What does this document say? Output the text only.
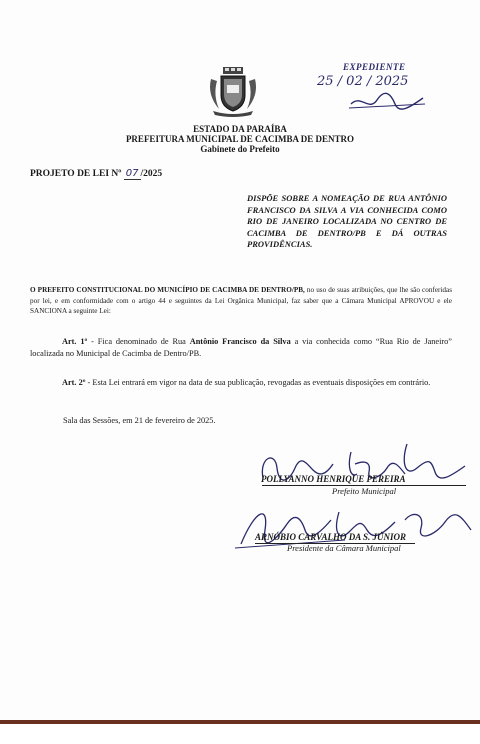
EXPEDIENTE
25 / 02 / 2025
ESTADO DA PARAÍBA
PREFEITURA MUNICIPAL DE CACIMBA DE DENTRO
Gabinete do Prefeito
PROJETO DE LEI Nº 07 /2025
DISPÕE SOBRE A NOMEAÇÃO DE RUA ANTÔNIO FRANCISCO DA SILVA A VIA CONHECIDA COMO RIO DE JANEIRO LOCALIZADA NO CENTRO DE CACIMBA DE DENTRO/PB E DÁ OUTRAS PROVIDÊNCIAS.
O PREFEITO CONSTITUCIONAL DO MUNICÍPIO DE CACIMBA DE DENTRO/PB, no uso de suas atribuições, que lhe são conferidas por lei, e em conformidade com o artigo 44 e seguintes da Lei Orgânica Municipal, faz saber que a Câmara Municipal APROVOU e ele SANCIONA a seguinte Lei:
Art. 1º - Fica denominado de Rua Antônio Francisco da Silva a via conhecida como “Rua Rio de Janeiro” localizada no Municipal de Cacimba de Dentro/PB.
Art. 2º - Esta Lei entrará em vigor na data de sua publicação, revogadas as eventuais disposições em contrário.
Sala das Sessões, em 21 de fevereiro de 2025.
POLLYANNO HENRIQUE PEREIRA
Prefeito Municipal
ARNÓBIO CARVALHO DA S. JÚNIOR
Presidente da Câmara Municipal
